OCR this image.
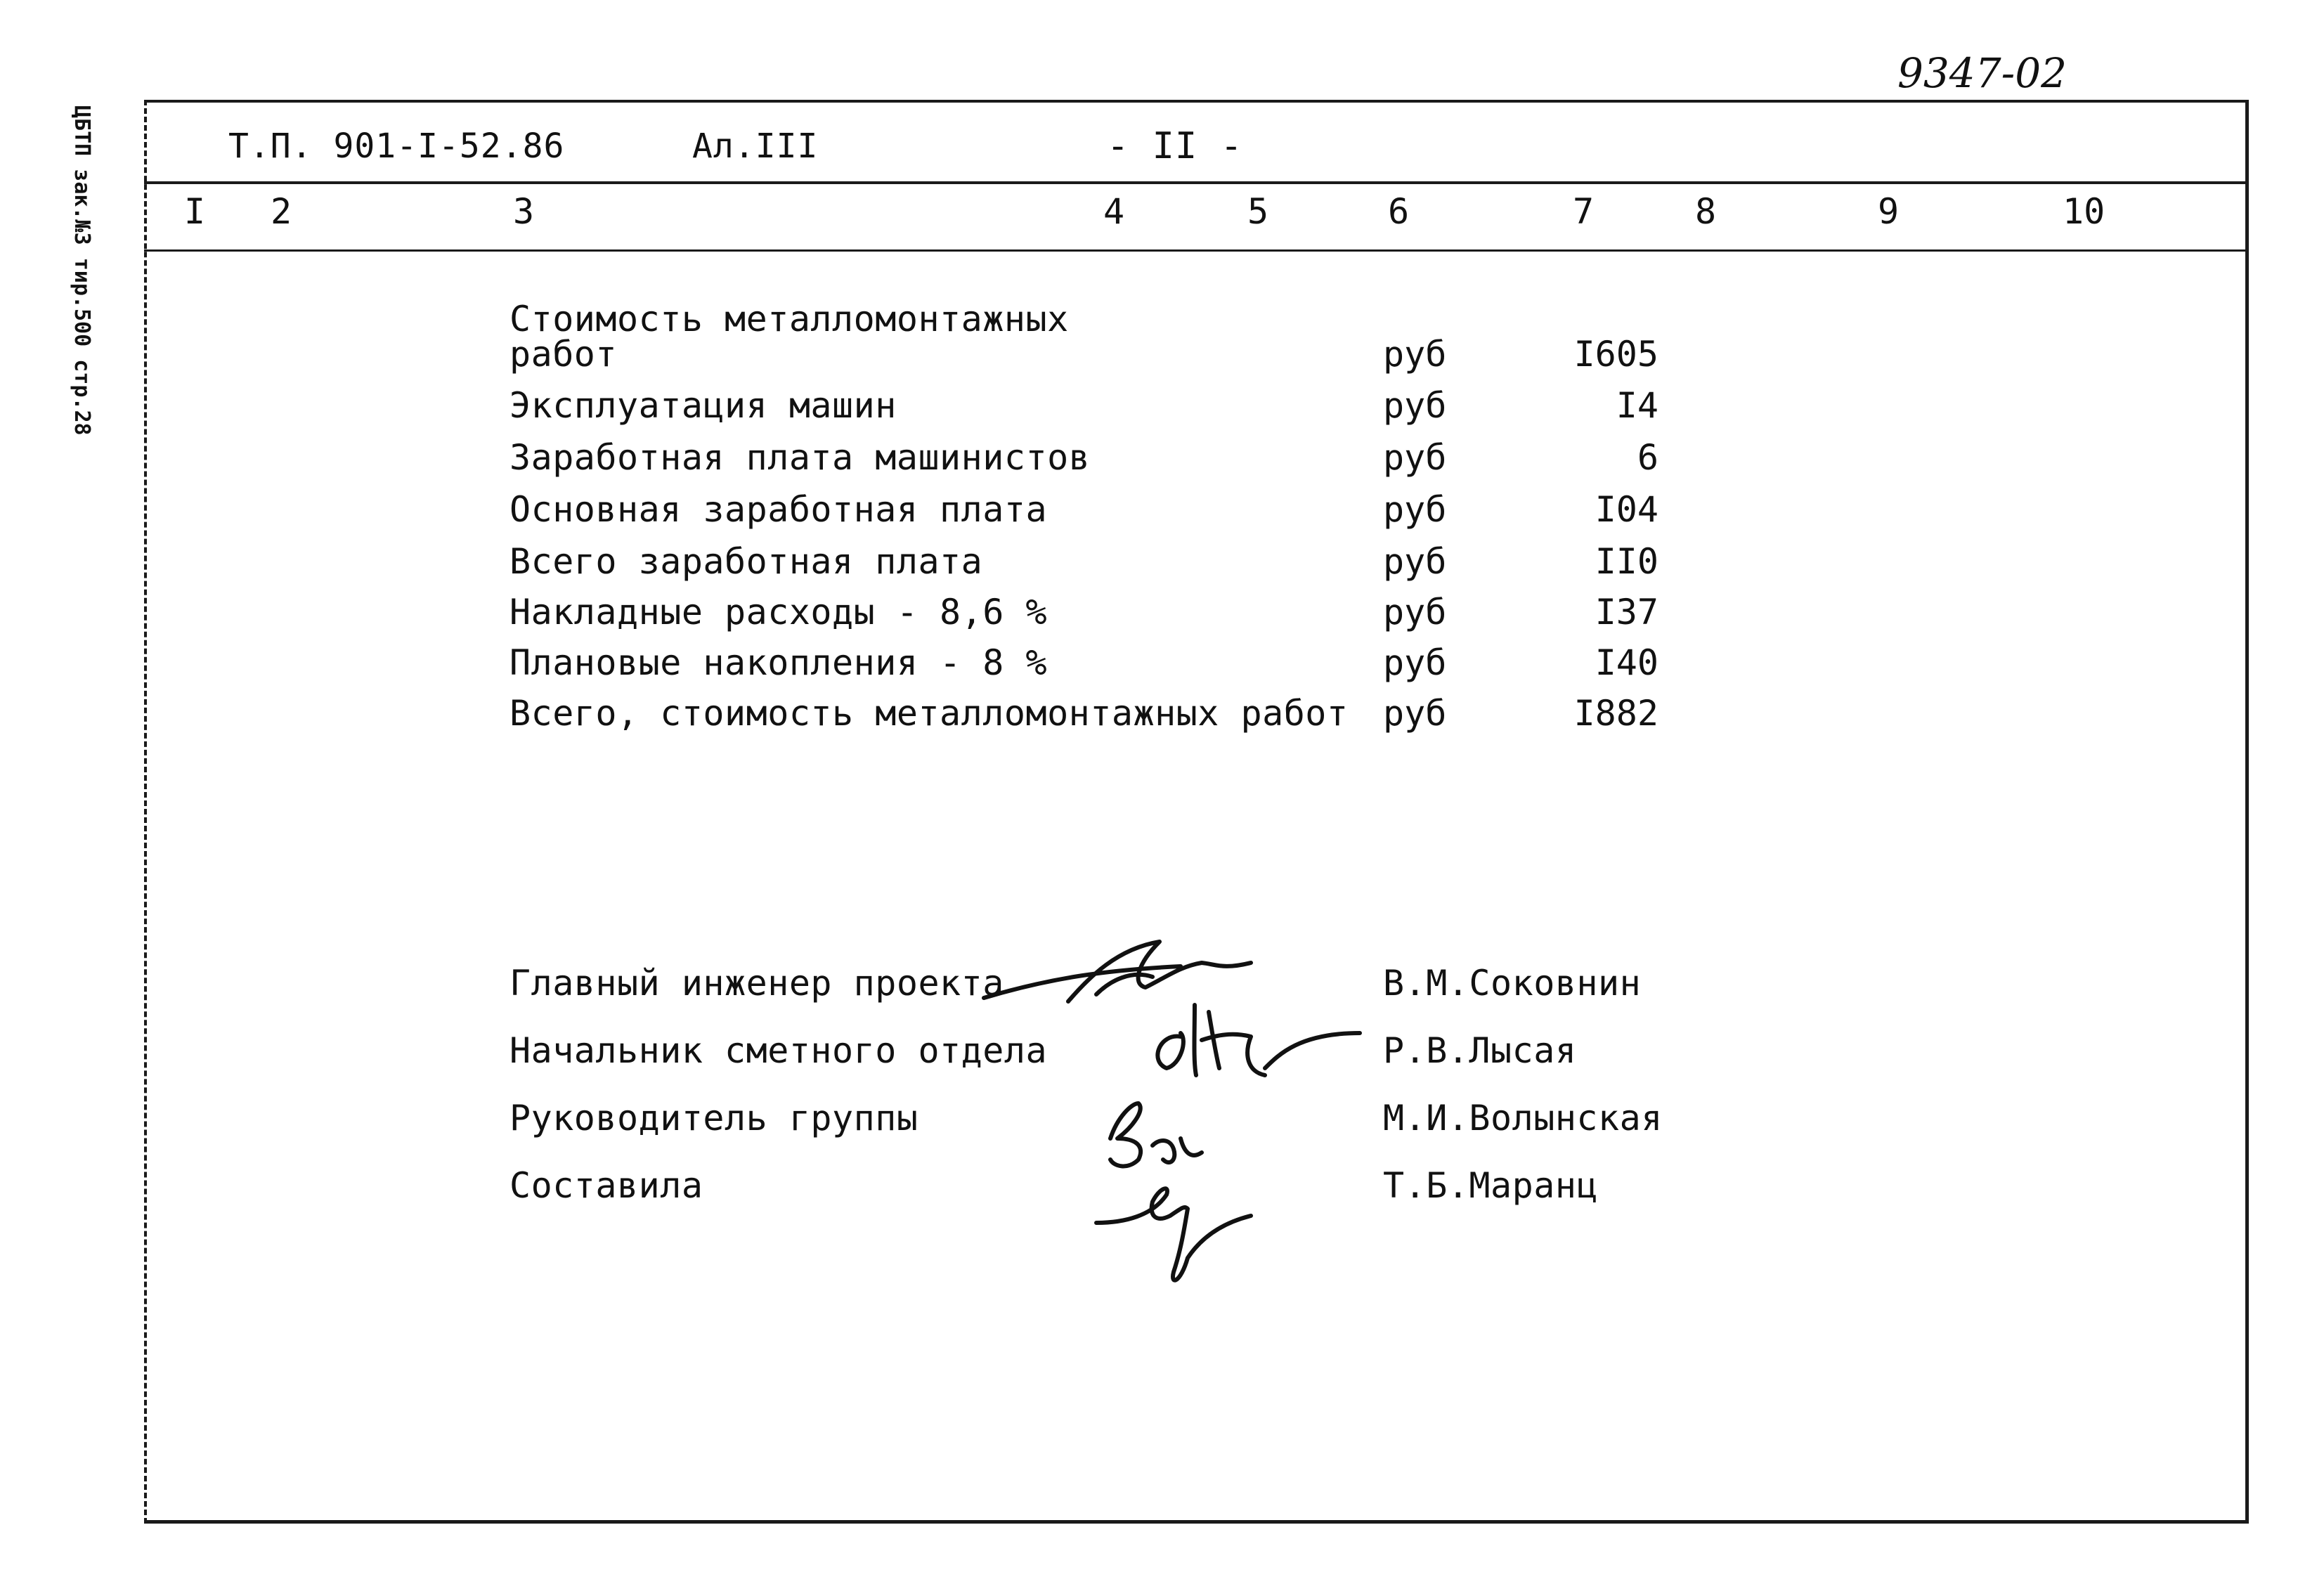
9347-02
ЦБТП зак.№3 тир.500 стр.28	Т.П. 901-I-52.86	Ал.III	- II -
I 2	3	4	5	6	7	8	9	10
Стоимость металломонтажных
работ	руб	I605
Эксплуатация машин	руб	I4
Заработная плата машинистов	руб	6
Основная заработная плата	руб	I04
Всего заработная плата	руб	II0
Накладные расходы - 8,6 %	руб	I37
Плановые накопления - 8 %	руб	I40
Всего, стоимость металломонтажных работ руб	I882
Главный инженер проекта	В.М.Соковнин
Начальник сметного отдела	Р.В.Лысая
Руководитель группы	М.И.Волынская
Составила	Т.Б.Маранц
